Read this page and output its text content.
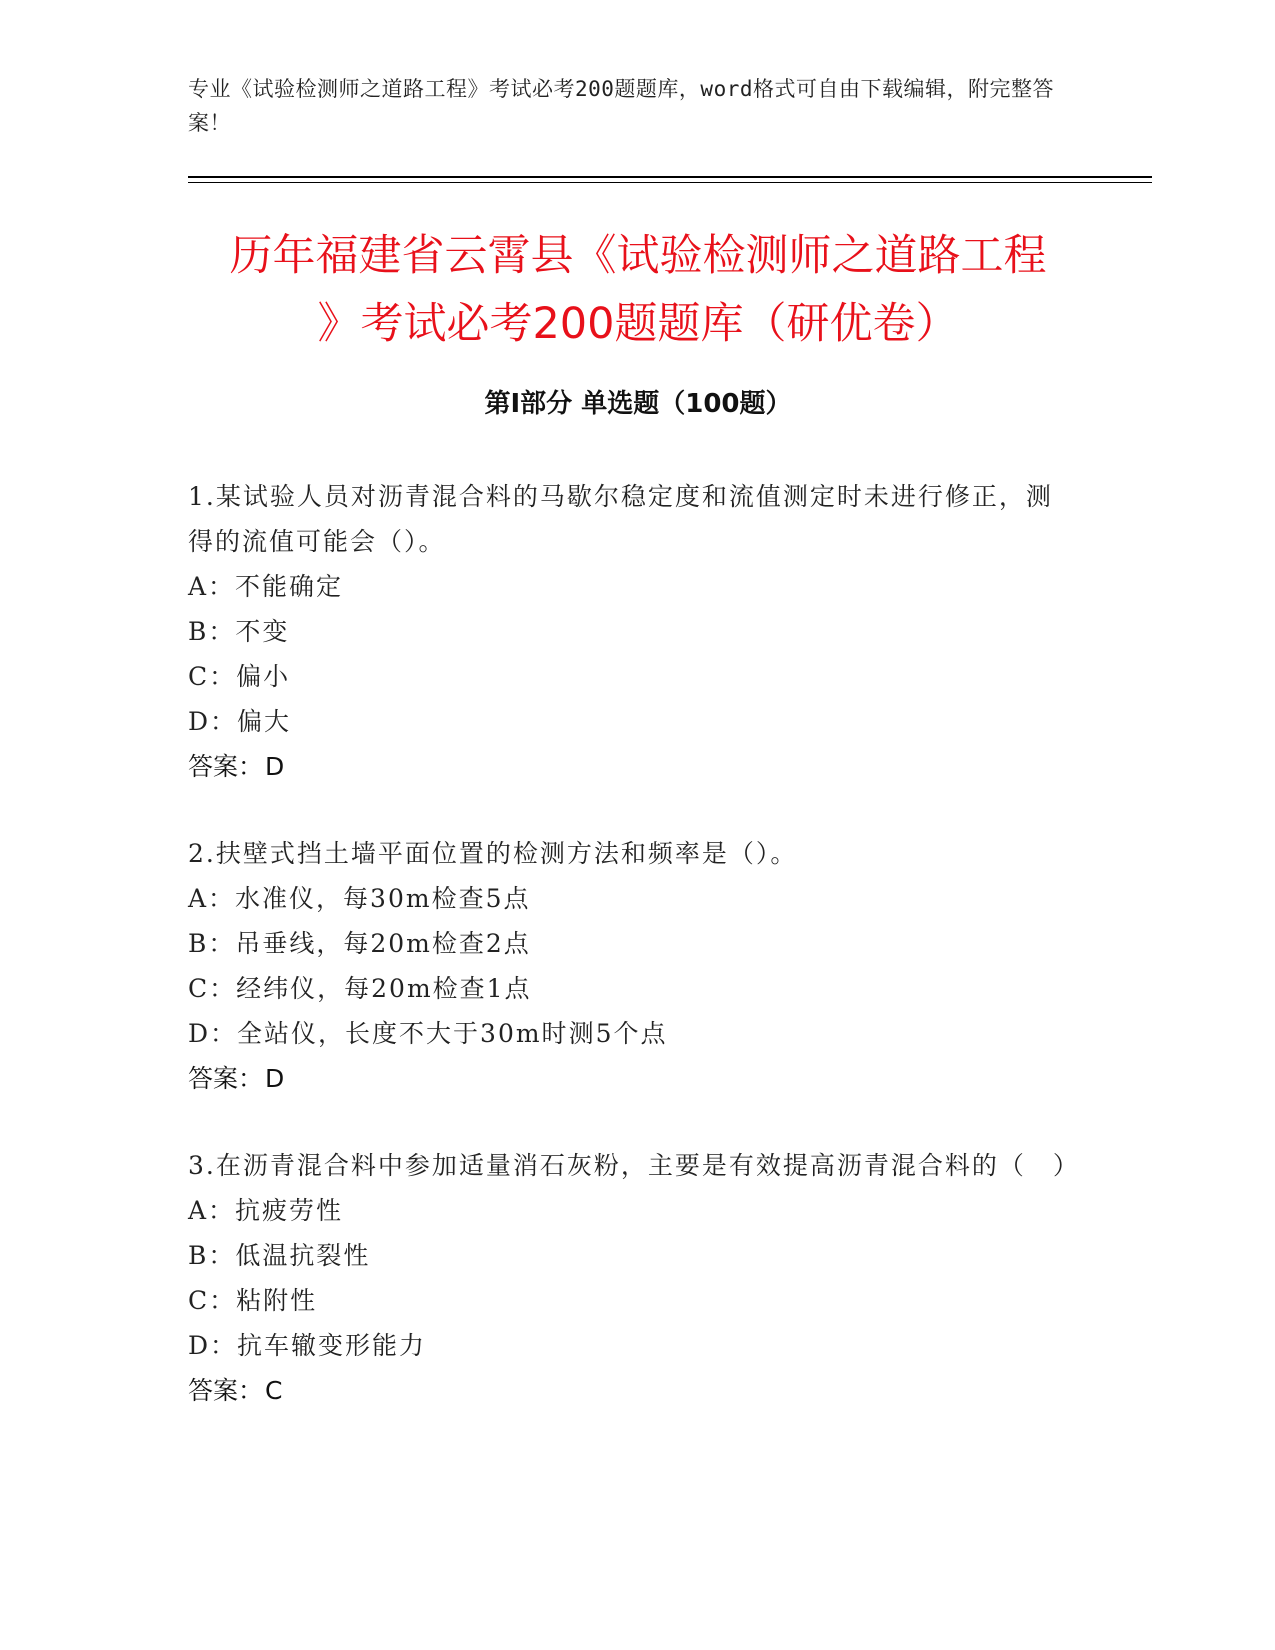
专业《试验检测师之道路工程》考试必考200题题库，word格式可自由下载编辑，附完整答案！
历年福建省云霄县《试验检测师之道路工程
》考试必考200题题库（研优卷）
第I部分 单选题（100题）

1.某试验人员对沥青混合料的马歇尔稳定度和流值测定时未进行修正，测得的流值可能会（）。

A：不能确定

B：不变

C：偏小

D：偏大

答案：D

2.扶壁式挡土墙平面位置的检测方法和频率是（）。

A：水准仪，每30m检查5点

B：吊垂线，每20m检查2点

C：经纬仪，每20m检查1点

D：全站仪，长度不大于30m时测5个点

答案：D

3.在沥青混合料中参加适量消石灰粉，主要是有效提高沥青混合料的（　）

A：抗疲劳性

B：低温抗裂性

C：粘附性

D：抗车辙变形能力

答案：C
